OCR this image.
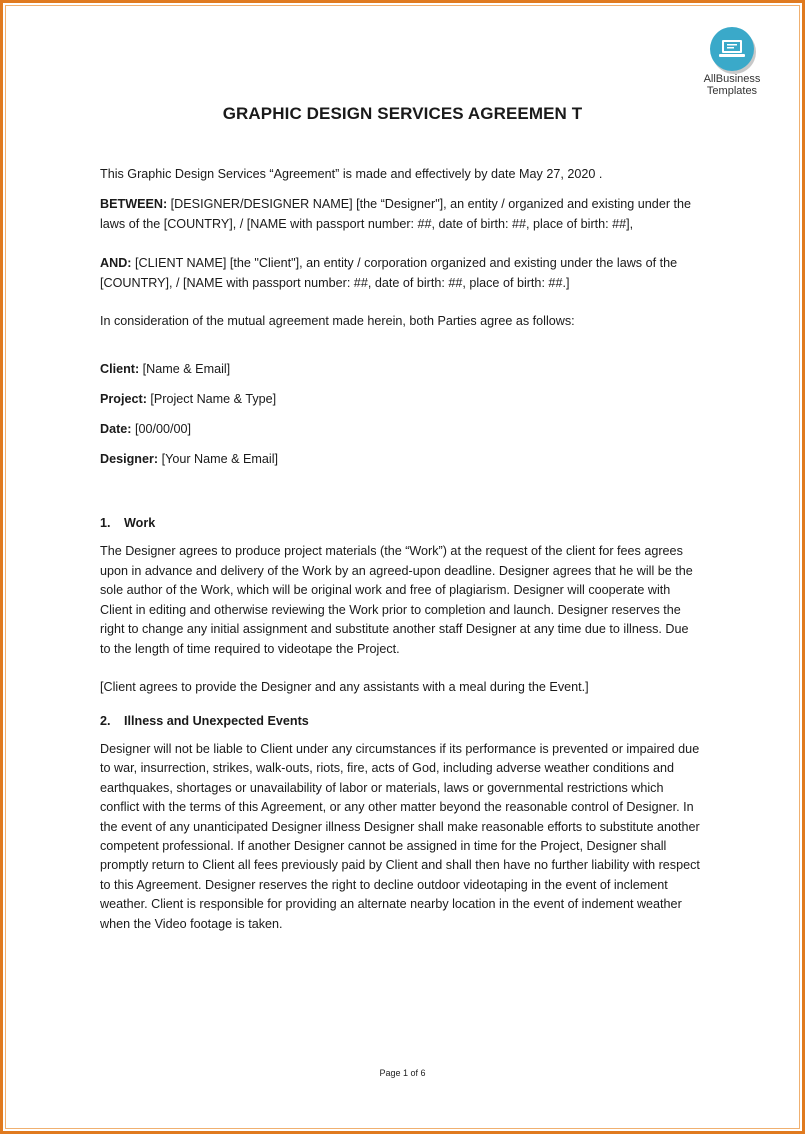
AllBusiness
Templates
GRAPHIC DESIGN SERVICES AGREEMEN T

This Graphic Design Services “Agreement” is made and effectively by date May 27, 2020 .

BETWEEN: [DESIGNER/DESIGNER NAME] [the “Designer"], an entity / organized and existing under the laws of the [COUNTRY], / [NAME with passport number: ##, date of birth: ##, place of birth: ##],

AND: [CLIENT NAME] [the "Client"], an entity / corporation organized and existing under the laws of the [COUNTRY], / [NAME with passport number: ##, date of birth: ##, place of birth: ##.]

In consideration of the mutual agreement made herein, both Parties agree as follows:

Client: [Name & Email]
Project: [Project Name & Type]
Date: [00/00/00]
Designer: [Your Name & Email]
1. Work

The Designer agrees to produce project materials (the “Work”) at the request of the client for fees agrees upon in advance and delivery of the Work by an agreed-upon deadline. Designer agrees that he will be the sole author of the Work, which will be original work and free of plagiarism. Designer will cooperate with Client in editing and otherwise reviewing the Work prior to completion and launch. Designer reserves the right to change any initial assignment and substitute another staff Designer at any time due to illness. Due to the length of time required to videotape the Project.

[Client agrees to provide the Designer and any assistants with a meal during the Event.]

2. Illness and Unexpected Events

Designer will not be liable to Client under any circumstances if its performance is prevented or impaired due to war, insurrection, strikes, walk-outs, riots, fire, acts of God, including adverse weather conditions and earthquakes, shortages or unavailability of labor or materials, laws or governmental restrictions which conflict with the terms of this Agreement, or any other matter beyond the reasonable control of Designer. In the event of any unanticipated Designer illness Designer shall make reasonable efforts to substitute another competent professional. If another Designer cannot be assigned in time for the Project, Designer shall promptly return to Client all fees previously paid by Client and shall then have no further liability with respect to this Agreement. Designer reserves the right to decline outdoor videotaping in the event of inclement weather. Client is responsible for providing an alternate nearby location in the event of indement weather when the Video footage is taken.

Page 1 of 6
